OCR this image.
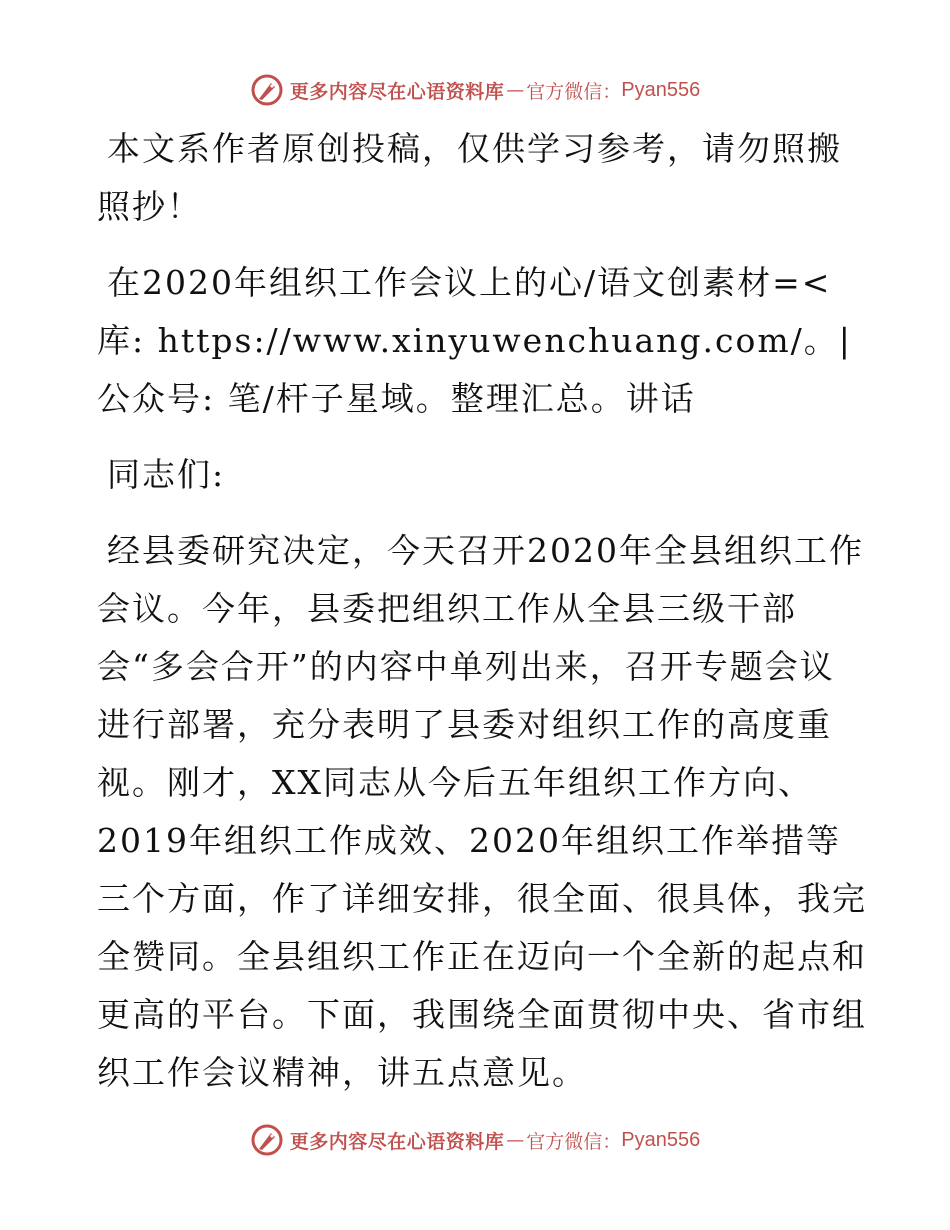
更多内容尽在心语资料库 — 官方微信： Pyan556

本文系作者原创投稿，仅供学习参考，请勿照搬照抄！

在2020年组织工作会议上的心/语文创素材=<库: https://www.xinyuwenchuang.com/。|公众号: 笔/杆子星域。整理汇总。讲话

同志们:

经县委研究决定，今天召开2020年全县组织工作会议。今年，县委把组织工作从全县三级干部会“多会合开”的内容中单列出来，召开专题会议进行部署，充分表明了县委对组织工作的高度重视。刚才，XX同志从今后五年组织工作方向、2019年组织工作成效、2020年组织工作举措等三个方面，作了详细安排，很全面、很具体，我完全赞同。全县组织工作正在迈向一个全新的起点和更高的平台。下面，我围绕全面贯彻中央、省市组织工作会议精神，讲五点意见。

更多内容尽在心语资料库 — 官方微信： Pyan556
